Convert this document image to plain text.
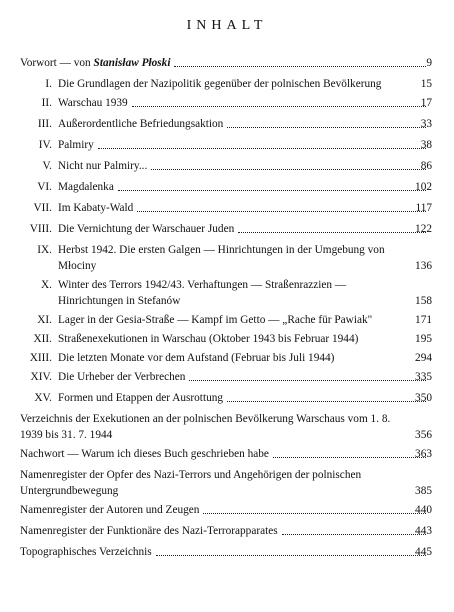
INHALT
Vorwort — von Stanisław Płoski	9
I. Die Grundlagen der Nazipolitik gegenüber der polnischen Bevölkerung	15
II. Warschau 1939	17
III. Außerordentliche Befriedungsaktion	33
IV. Palmiry	38
V. Nicht nur Palmiry...	86
VI. Magdalenka	102
VII. Im Kabaty-Wald	117
VIII. Die Vernichtung der Warschauer Juden	122
IX. Herbst 1942. Die ersten Galgen — Hinrichtungen in der Umgebung von Młociny	136
X. Winter des Terrors 1942/43. Verhaftungen — Straßenrazzien — Hinrichtungen in Stefanów	158
XI. Lager in der Gesia-Straße — Kampf im Getto — „Rache für Pawiak"	171
XII. Straßenexekutionen in Warschau (Oktober 1943 bis Februar 1944)	195
XIII. Die letzten Monate vor dem Aufstand (Februar bis Juli 1944)	294
XIV. Die Urheber der Verbrechen	335
XV. Formen und Etappen der Ausrottung	350
Verzeichnis der Exekutionen an der polnischen Bevölkerung Warschaus vom 1. 8. 1939 bis 31. 7. 1944	356
Nachwort — Warum ich dieses Buch geschrieben habe	363
Namenregister der Opfer des Nazi-Terrors und Angehörigen der polnischen Untergrundbewegung	385
Namenregister der Autoren und Zeugen	440
Namenregister der Funktionäre des Nazi-Terrorapparates	443
Topographisches Verzeichnis	445
